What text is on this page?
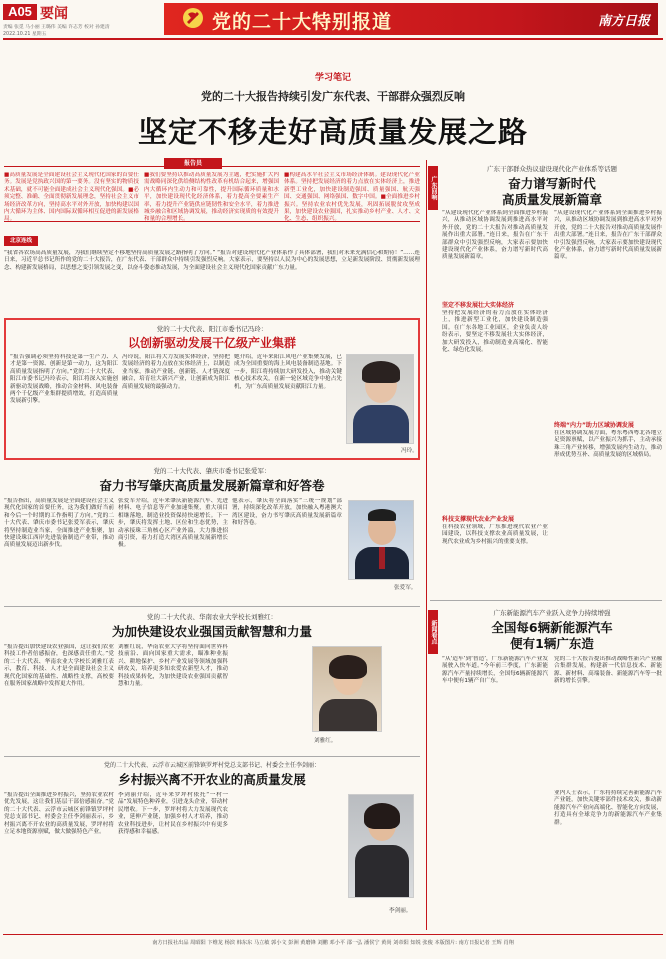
A05 要闻
责编 张觅 马小丽 王璐伟 美编 许志芳 校对 孙建清
2022.10.21 星期五
党的二十大特别报道	南方日报
学习笔记
党的二十大报告持续引发广东代表、干部群众强烈反响
坚定不移走好高质量发展之路
报告员
■高质量发展是全面建设社会主义现代化国家的首要任务。发展是党执政兴国的第一要务。没有坚实的物质技术基础，就不可能全面建成社会主义现代化强国。■必须完整、准确、全面贯彻新发展理念，坚持社会主义市场经济改革方向，坚持高水平对外开放，加快构建以国内大循环为主体、国内国际双循环相互促进的新发展格局。
■我们要坚持以推动高质量发展为主题，把实施扩大内需战略同深化供给侧结构性改革有机结合起来，增强国内大循环内生动力和可靠性，提升国际循环质量和水平，加快建设现代化经济体系，着力提高全要素生产率，着力提升产业链供应链韧性和安全水平，着力推进城乡融合和区域协调发展，推动经济实现质的有效提升和量的合理增长。
■构建高水平社会主义市场经济体制。建设现代化产业体系。坚持把发展经济的着力点放在实体经济上，推进新型工业化，加快建设制造强国、质量强国、航天强国、交通强国、网络强国、数字中国。■全面推进乡村振兴。坚持农业农村优先发展，巩固拓展脱贫攻坚成果，加快建设农业强国，扎实推动乡村产业、人才、文化、生态、组织振兴。
北京连线
“我省各农场高高质量发展，为我们继续坚定不移地坚持高质量发展之路指明了方向。” “报告对建设现代化产业体系作了具体部署，我们对未来充满信心和期待！”……连日来，习近平总书记所作的党的二十大报告，在广东代表、干部群众中持续引发强烈反响。大家表示，要坚持以人民为中心的发展思想，立足新发展阶段、贯彻新发展理念、构建新发展格局，以思想之变引领发展之变，以奋斗姿态推动发展，为全面建设社会主义现代化国家贡献广东力量。
党的二十大代表、阳江市委书记冯玲：
以创新驱动发展干亿级产业集群
“报告强调必须坚持科技是第一生产力、人才是第一资源、创新是第一动力，这为阳江高质量发展指明了方向。”党的二十大代表、阳江市委书记冯玲表示，阳江将深入实施创新驱动发展战略，推动合金材料、风电装备两个千亿级产业集群提质增效，打造高质量发展新引擎。
冯玲说，阳江将大力发展实体经济，坚持把发展经济的着力点放在实体经济上，以制造业当家，推动产业链、创新链、人才链深度融合，培育壮大新兴产业，让创新成为阳江高质量发展的最强动力。
她介绍，近年来阳江风电产业集聚发展，已成为全国重要的海上风电装备制造基地。下一步，阳江将持续加大研发投入，推动关键核心技术攻关，在新一轮区域竞争中抢占先机，为广东高质量发展贡献阳江力量。
冯玲。
党的二十大代表、肇庆市委书记张爱军：
奋力书写肇庆高质量发展新篇章和好答卷
“报告指出，高质量发展是全面建设社会主义现代化国家的首要任务，这为我们做好当前和今后一个时期的工作指明了方向。”党的二十大代表、肇庆市委书记张爱军表示，肇庆将坚持制造业当家，全面推进产业集聚，加快建设珠江西岸先进装备制造产业带，推动高质量发展迈出新步伐。
张爱军介绍，近年来肇庆新能源汽车、先进材料、电子信息等产业加速集聚，重大项目相继落地，制造业投资保持快速增长。下一步，肇庆将发挥土地、区位和生态优势，主动承接珠三角核心区产业外溢，大力推进招商引资，着力打造大湾区高质量发展新增长极。
他表示，肇庆将全面落实“三统一规划”部署，持续深化改革开放，加快融入粤港澳大湾区建设，奋力书写肇庆高质量发展新篇章和好答卷。
张爱军。
党的二十大代表、华南农业大学校长刘雅红：
为加快建设农业强国贡献智慧和力量
“报告提出加快建设农业强国，这让我们农业科技工作者倍感振奋，也深感责任重大。”党的二十大代表、华南农业大学校长刘雅红表示，教育、科技、人才是全面建设社会主义现代化国家的基础性、战略性支撑，高校要在服务国家战略中发挥更大作用。
刘雅红说，华南农业大学将坚持面向世界科技前沿、面向国家重大需求，瞄准种业振兴、耕地保护、乡村产业发展等领域加强科研攻关，培养更多知农爱农新型人才，推动科技成果转化，为加快建设农业强国贡献智慧和力量。
刘雅红。
党的二十大代表、云浮市云城区前锋镇罗坪村党总支部书记、村委会主任李剑丽：
乡村振兴离不开农业的高质量发展
“报告提出全面推进乡村振兴，坚持农业农村优先发展，这让我们基层干部倍感振奋。”党的二十大代表、云浮市云城区前锋镇罗坪村党总支部书记、村委会主任李剑丽表示，乡村振兴离不开农业的高质量发展，罗坪村将立足本地资源禀赋，做大做强特色产业。
李剑丽介绍，近年来罗坪村依托“一村一品”发展特色种养业，引进龙头企业，带动村民增收。下一步，罗坪村将大力发展现代农业，延伸产业链，加强乡村人才培养，推动农业科技进步，让村民在乡村振兴中有更多获得感和幸福感。
李剑丽。
广东回响
广东干部群众热议建设现代化产业体系等话题
奋力谱写新时代
高质量发展新篇章
“从建设现代化产业体系到全面推进乡村振兴，从推动区域协调发展到推进高水平对外开放，党的二十大报告对推动高质量发展作出重大部署。”连日来，报告在广东干部群众中引发强烈反响，大家表示要加快建设现代化产业体系，奋力谱写新时代高质量发展新篇章。
坚定不移发展壮大实体经济
坚持把发展经济的着力点放在实体经济上，推进新型工业化，加快建设制造强国。在广东各地工业园区，企业负责人纷纷表示，要坚定不移发展壮大实体经济，加大研发投入，推动制造业高端化、智能化、绿色化发展。
科技支撑现代农业产业发展
在科技农业领域，广东推进现代农业产业园建设，以科技支撑农业高质量发展，让现代农业成为乡村振兴的重要支撑。
“从建设现代化产业体系到全面推进乡村振兴，从推动区域协调发展到推进高水平对外开放，党的二十大报告对推动高质量发展作出重大部署。”连日来，报告在广东干部群众中引发强烈反响，大家表示要加快建设现代化产业体系，奋力谱写新时代高质量发展新篇章。
终端“内力”助力区域协调发展
在区域协调发展方面，粤东粤西粤北各地立足资源禀赋，以产业振兴为抓手，主动承接珠三角产业转移，增强发展内生动力，推动形成优势互补、高质量发展的区域格局。
新闻看点
广东新能源汽车产业跃入竞争力持续增强
全国每6辆新能源汽车
便有1辆广东造
“从‘造车’到‘智造’，广东新能源汽车产业发展驶入快车道。”今年前三季度，广东新能源汽车产量持续增长，全国每6辆新能源汽车中便有1辆产自广东。
党的二十大报告提出推动战略性新兴产业融合集群发展，构建新一代信息技术、新能源、新材料、高端装备、新能源汽车等一批新的增长引擎。
业内人士表示，广东将持续完善新能源汽车产业链，加快关键零部件技术攻关，推动新能源汽车产业向高端化、智能化方向发展，打造具有全球竞争力的新能源汽车产业集群。
南方日报社出品 周昭阳 卞维龙 杨滨 韩东东 马立敏 郭小文 彭洲 黄磨锋 刘鹏 邓小平 邵一弘 潘侯宁 黄尚 刘帝阳 知锐 张俊 本版图片: 南方日报记者 王辉 肖翔
